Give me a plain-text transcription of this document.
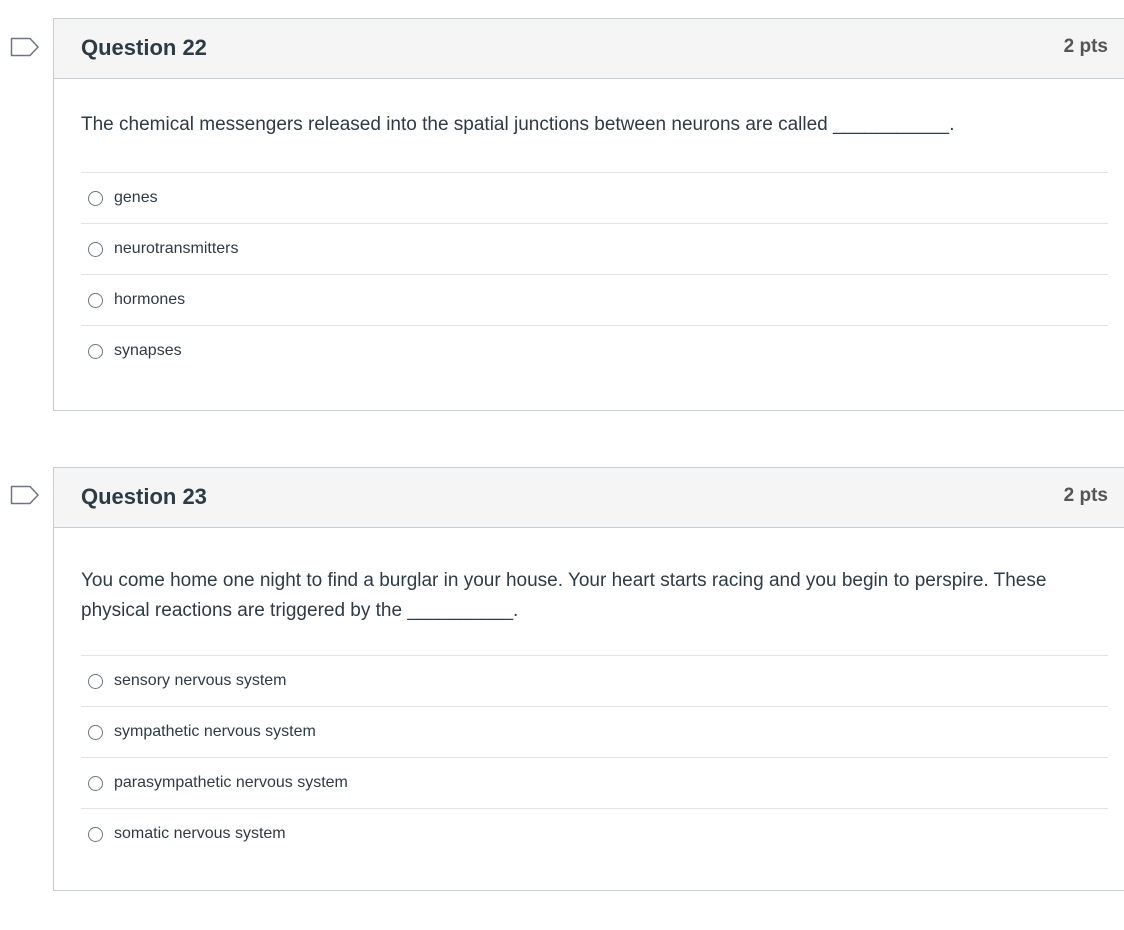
Question 22	2 pts

The chemical messengers released into the spatial junctions between neurons are called ___________.

genes
neurotransmitters
hormones
synapses
Question 23	2 pts

You come home one night to find a burglar in your house. Your heart starts racing and you begin to perspire. These physical reactions are triggered by the __________.

sensory nervous system
sympathetic nervous system
parasympathetic nervous system
somatic nervous system
